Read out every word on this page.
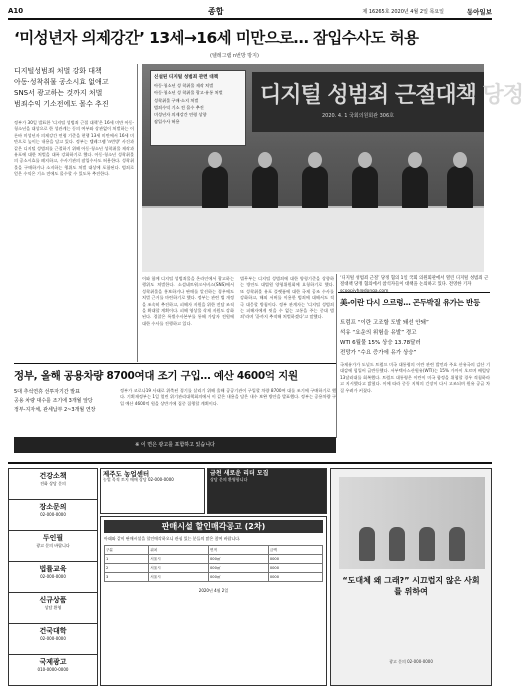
A10	종합	제 16265호 2020년 4월 2일 목요일	동아일보
‘미성년자 의제강간’ 13세→16세 미만으로… 잠입수사도 허용
(텔레그램 n번방 방지)
디지털성범죄 처벌 강화 대책
아동·성착취물 공소시효 없애고
SNS서 광고하는 것까지 처벌
범죄수익 기소전에도 몰수 추진
정부가 30일 발표한 '디지털 성범죄 근절 대책'은 16세 미만 아동·청소년을 대상으로 한 성관계는 동의 여부와 상관없이 처벌하는 이른바 미성년자 의제강간 연령 기준을 현행 13세 미만에서 16세 미만으로 높이는 내용을 담고 있다. 정부는 텔레그램 'n번방' 사건과 같은 디지털 성범죄를 근절하기 위해 아동·청소년 성착취물 제작과 유포에 대한 처벌을 대폭 강화하기로 했다. 아동·청소년 성착취물의 공소시효를 폐지하고, 수사기관의 잠입수사도 허용한다. 성착취물을 구매하거나 소지하는 행위도 처벌 대상에 포함된다. 범죄로 얻은 수익은 기소 전에도 몰수할 수 있도록 추진한다.
디지털 성범죄 근절대책 당정
2020. 4. 1 국회의원회관 306호
신설된 디지털 성범죄 관련 대책
아동·청소년 성 착취물 제작 처벌
아동·청소년 성 착취물 광고·유통 처벌
성착취물 구매·소지 처벌
범죄수익 기소 전 몰수 추진
미성년자 의제강간 연령 상향
잠입수사 허용
이와 함께 디지털 성범죄물을 온라인에서 광고하는 행위도 처벌한다. 소셜네트워크서비스(SNS)에서 성착취물을 홍보하거나 판매를 알선하는 경우에도 처벌 근거를 마련하기로 했다. 정부는 관련 법 개정을 조속히 추진하고, 피해자 지원을 위한 전담 조직을 확대할 계획이다. 피해 영상물 삭제 지원도 강화된다. 경찰은 특별수사본부를 통해 가담자 전원에 대한 수사를 진행하고 있다.
법무부는 디지털 성범죄에 대한 양형기준을 상향하는 방안도 대법원 양형위원회에 요청하기로 했다. 또 성착취물 유포 플랫폼에 대한 국제 공조 수사를 강화하고, 해외 서버를 이용한 범죄에 대해서도 적극 대응할 방침이다. 정부 관계자는 '디지털 성범죄는 피해자에게 씻을 수 없는 고통을 주는 중대 범죄'라며 '끝까지 추적해 처벌하겠다'고 말했다.
‘디지털 성범죄 근절’ 당정 협의 1일 국회 의원회관에서 열린 디지털 성범죄 근절대책 당정 협의에서 참석자들이 대책을 논의하고 있다. 전영한 기자
美-이란 다시 으르렁… 곤두박질 유가는 반등
트럼프 “이란 고조할 도발 돼선 안돼”
석유 “요운의 위험을 유발” 경고
WTI 6월물 15% 상승 13.78달러
전망가 “수요 증가에 유가 상승”
국제유가가 도널드 트럼프 미국 대통령의 이란 관련 발언과 주요 산유국의 감산 기대감에 힘입어 급반등했다. 서부텍사스산원유(WTI)는 15% 가까이 오르며 배럴당 13달러대를 회복했다. 트럼프 대통령은 이란이 미국 함정을 위협할 경우 격침하라고 지시했다고 밝혔다. 이에 따라 중동 지역의 긴장이 다시 고조되며 원유 공급 차질 우려가 커졌다.
정부, 올해 공용차량 8700여대 조기 구입… 예산 4600억 지원
5대 추석연휴 선투자기간 발표
공용 차량 대수를 조기에 3개월 앞당
정부-지자체, 관세납부 2~3개월 연장
정부가 코로나19 사태로 위축된 경기를 살리기 위해 올해 공공기관이 구입할 차량 8700여 대를 조기에 구매하기로 했다. 기획재정부는 1일 열린 위기관리대책회의에서 이 같은 내용을 담은 내수 보완 방안을 발표했다. 정부는 공용차량 구입 예산 4600억 원을 상반기에 집중 집행할 계획이다.
※ 이 면은 광고를 포함하고 있습니다
건강소책
전화 상담 문의
장소문의
02-000-0000
두인필
광고 문의 바랍니다
법률교육
02-000-0000
신규상품
상담 환영
건국대학
02-000-0000
국제광고
010-0000-0000
제주도 농업센터
농업 목적 토지 매매 상담 02-000-0000
금천 새로운 리더 모집
상담 문의 환영합니다
판매시설 할인매각공고 (2차)
아래와 같이 판매시설을 할인매각하오니 관심 있는 분들의 많은 참여 바랍니다.
구분	위치	면적	금액
1	서울시	000㎡	0000
2	서울시	000㎡	0000
3	서울시	000㎡	0000
2020년 4월 2일
“도대체 왜 그래?” 시끄럽지 않은 사회를 위하여
광고 문의 02-000-0000
